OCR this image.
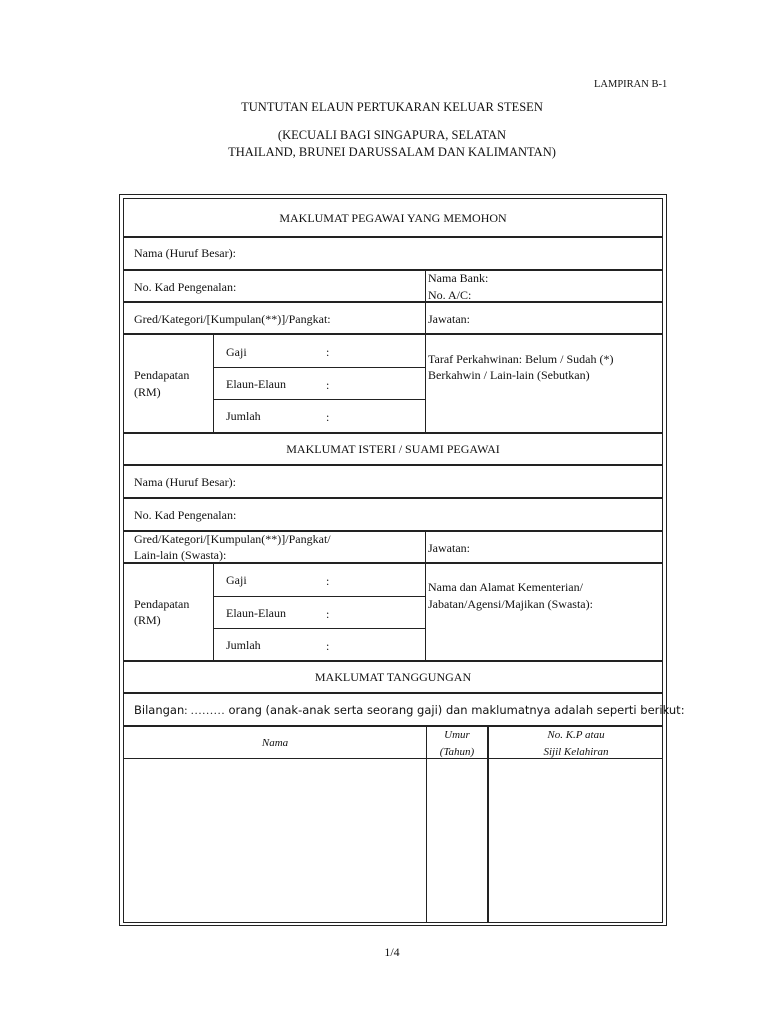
LAMPIRAN B-1
TUNTUTAN ELAUN PERTUKARAN KELUAR STESEN
(KECUALI BAGI SINGAPURA, SELATAN
THAILAND, BRUNEI DARUSSALAM DAN KALIMANTAN)
MAKLUMAT PEGAWAI YANG MEMOHON
Nama (Huruf Besar):
No. Kad Pengenalan:
Nama Bank:
No. A/C:
Gred/Kategori/[Kumpulan(**)]/Pangkat:	Jawatan:
Pendapatan
(RM)
Gaji	:
Elaun-Elaun	:
Jumlah	:
Taraf Perkahwinan: Belum / Sudah (*)
Berkahwin / Lain-lain (Sebutkan)
MAKLUMAT ISTERI / SUAMI PEGAWAI
Nama (Huruf Besar):
No. Kad Pengenalan:
Gred/Kategori/[Kumpulan(**)]/Pangkat/
Lain-lain (Swasta):	Jawatan:
Pendapatan
(RM)
Gaji	:
Elaun-Elaun	:
Jumlah	:
Nama dan Alamat Kementerian/
Jabatan/Agensi/Majikan (Swasta):
MAKLUMAT TANGGUNGAN
Bilangan: ……… orang (anak-anak serta seorang gaji) dan maklumatnya adalah seperti berikut:
Nama
Umur
(Tahun)
No. K.P atau
Sijil Kelahiran
1/4
